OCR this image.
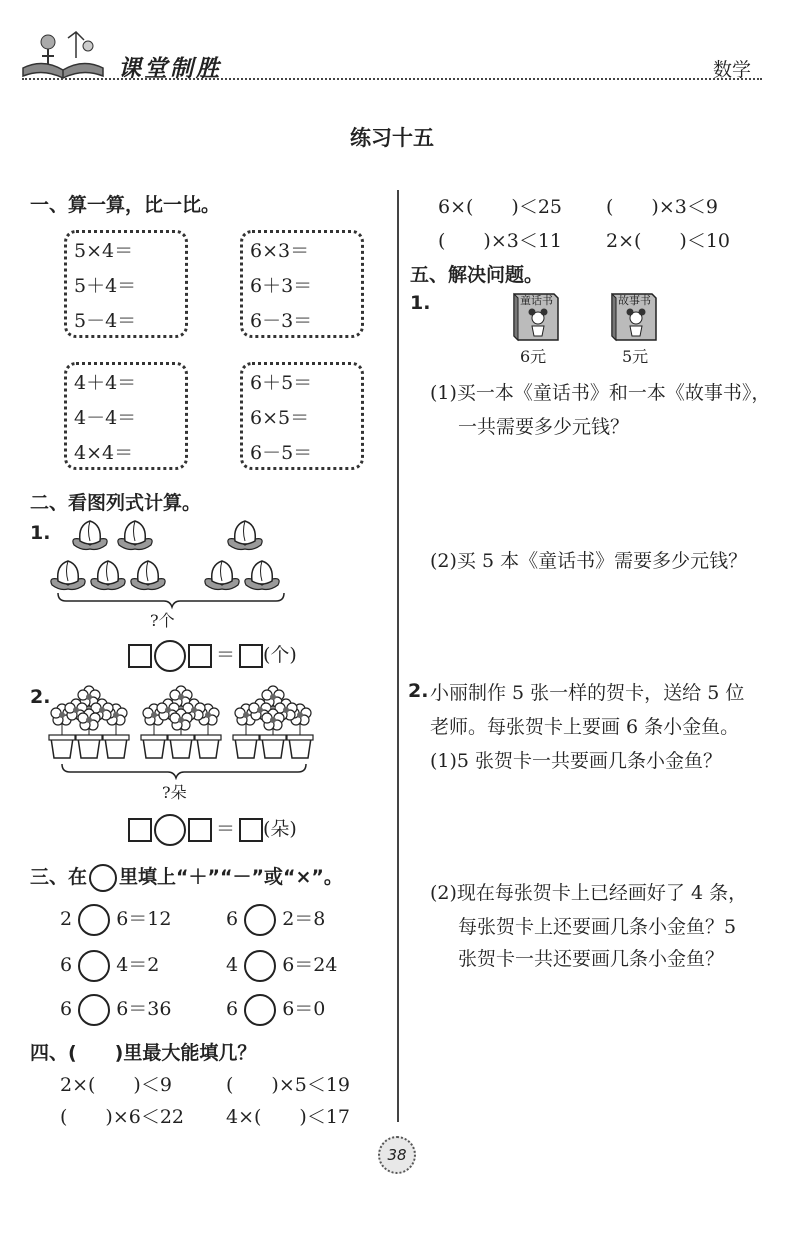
课堂制胜	数学
练习十五
一、算一算，比一比。
5×4＝
5＋4＝
5－4＝
6×3＝
6＋3＝
6－3＝
4＋4＝
4－4＝
4×4＝
6＋5＝
6×5＝
6－5＝
二、看图列式计算。
1.
?个
＝ (个)
2.
?朵
＝ (朵)
三、在 里填上“＋”“－”或“×”。
2 6＝12	6 2＝8
6 4＝2	4 6＝24
6 6＝36	6 6＝0
四、(　　)里最大能填几？
2×(　　)＜9	(　　)×5＜19
(　　)×6＜22 4×(　　)＜17
6×(　　)＜25 (　　)×3＜9
(　　)×3＜11 2×(　　)＜10
五、解决问题。
1.	童话书
6元
故事书
5元
(1)买一本《童话书》和一本《故事书》，
一共需要多少元钱？
(2)买 5 本《童话书》需要多少元钱？
2. 小丽制作 5 张一样的贺卡，送给 5 位
老师。每张贺卡上要画 6 条小金鱼。
(1)5 张贺卡一共要画几条小金鱼？
(2)现在每张贺卡上已经画好了 4 条，
每张贺卡上还要画几条小金鱼？5
张贺卡一共还要画几条小金鱼？
38
